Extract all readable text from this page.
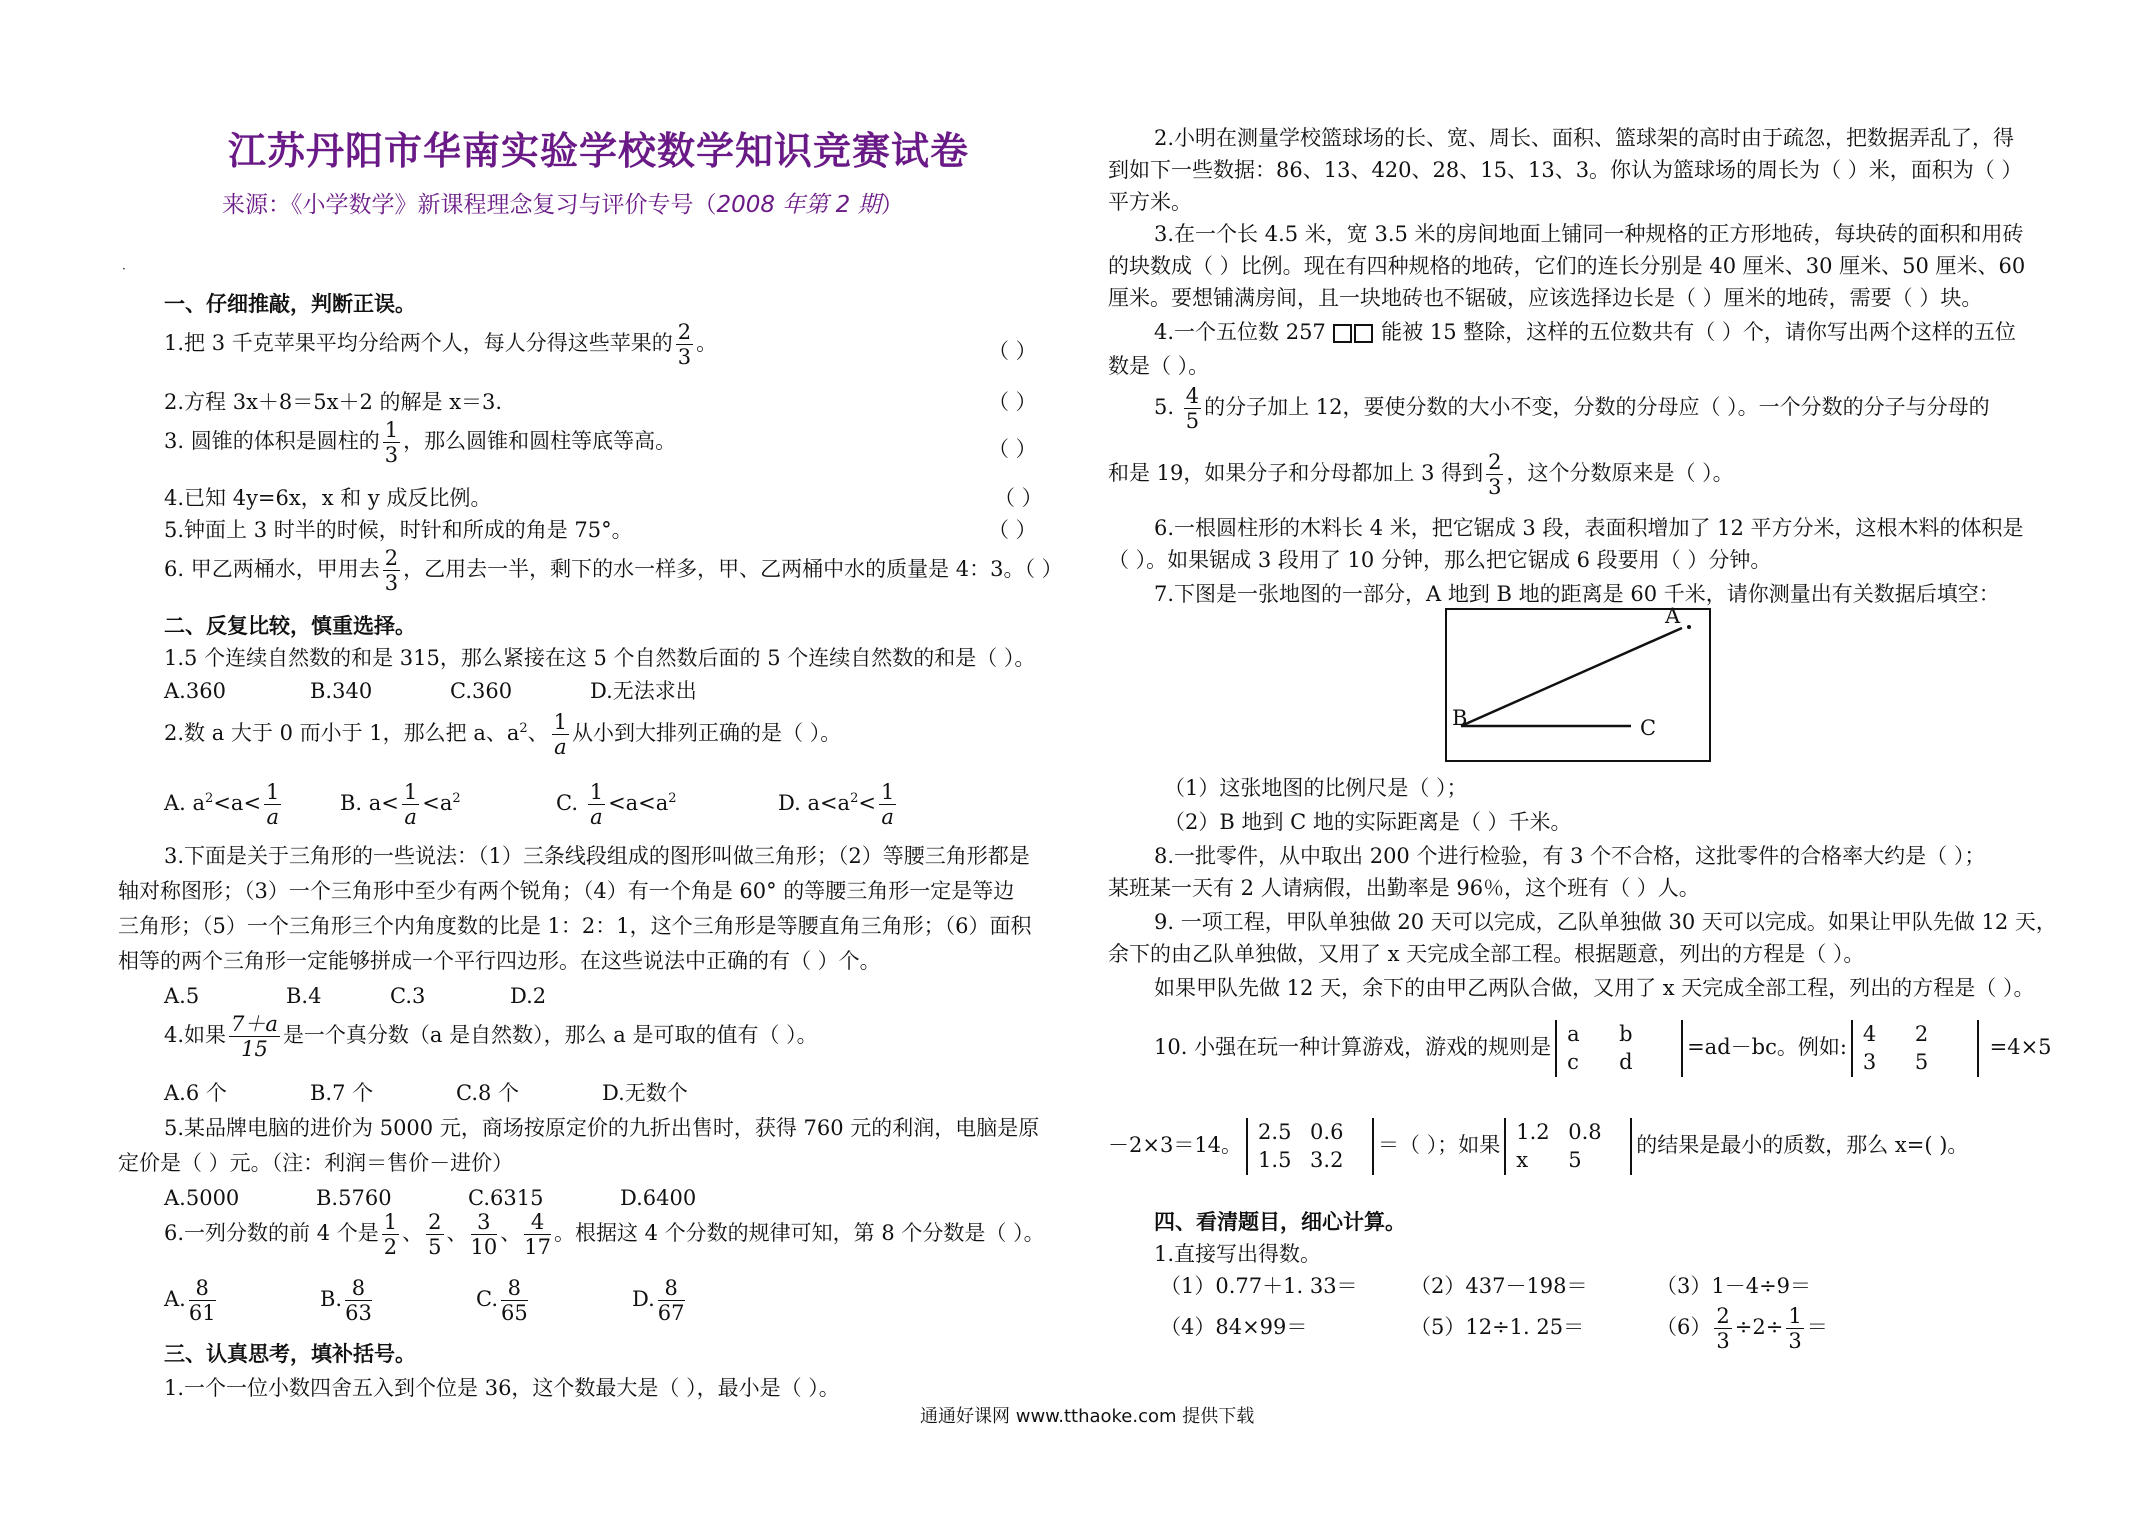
江苏丹阳市华南实验学校数学知识竞赛试卷
来源：《小学数学》新课程理念复习与评价专号（2008 年第 2 期）
·
一、仔细推敲，判断正误。
1.把 3 千克苹果平均分给两个人，每人分得这些苹果的 $\frac{2}{3}$ 。	（ ）
2.方程 3x＋8＝5x＋2 的解是 x＝3.	（ ）
3. 圆锥的体积是圆柱的 $\frac{1}{3}$ ，那么圆锥和圆柱等底等高。	（ ）
4.已知 4y=6x，x 和 y 成反比例。	（ ）
5.钟面上 3 时半的时候，时针和所成的角是 75°。	（ ）
6. 甲乙两桶水，甲用去 $\frac{2}{3}$ ，乙用去一半，剩下的水一样多，甲、乙两桶中水的质量是 4：3。（ ）
二、反复比较，慎重选择。
1.5 个连续自然数的和是 315，那么紧接在这 5 个自然数后面的 5 个连续自然数的和是（ ）。
A.360	B.340	C.360	D.无法求出
2.数 a 大于 0 而小于 1，那么把 a、$a^2$、 $\frac{1}{a}$ 从小到大排列正确的是（ ）。
A. $a^2<a< \frac{1}{a}$	B. $a< \frac{1}{a} <a^2$	C. $\frac{1}{a} <a<a^2$	D. $a<a^2< \frac{1}{a}$
3.下面是关于三角形的一些说法：（1）三条线段组成的图形叫做三角形；（2）等腰三角形都是
轴对称图形；（3）一个三角形中至少有两个锐角；（4）有一个角是 60° 的等腰三角形一定是等边
三角形；（5）一个三角形三个内角度数的比是 1：2：1，这个三角形是等腰直角三角形；（6）面积
相等的两个三角形一定能够拼成一个平行四边形。在这些说法中正确的有（ ）个。
A.5	B.4	C.3	D.2
4.如果 $\frac{7+a}{15}$ 是一个真分数（a 是自然数），那么 a 是可取的值有（ ）。
A.6 个	B.7 个	C.8 个	D.无数个
5.某品牌电脑的进价为 5000 元，商场按原定价的九折出售时，获得 760 元的利润，电脑是原
定价是（ ）元。（注：利润＝售价－进价）
A.5000	B.5760	C.6315	D.6400
6.一列分数的前 4 个是 $\frac{1}{2}$ 、 $\frac{2}{5}$ 、 $\frac{3}{10}$ 、 $\frac{4}{17}$ 。根据这 4 个分数的规律可知，第 8 个分数是（ ）。
A. $\frac{8}{61}$	B. $\frac{8}{63}$	C. $\frac{8}{65}$	D. $\frac{8}{67}$
三、认真思考，填补括号。
1.一个一位小数四舍五入到个位是 36，这个数最大是（ ），最小是（ ）。
2.小明在测量学校篮球场的长、宽、周长、面积、篮球架的高时由于疏忽，把数据弄乱了，得
到如下一些数据：86、13、420、28、15、13、3。你认为篮球场的周长为（ ）米，面积为（ ）
平方米。
3.在一个长 4.5 米，宽 3.5 米的房间地面上铺同一种规格的正方形地砖，每块砖的面积和用砖
的块数成（ ）比例。现在有四种规格的地砖，它们的连长分别是 40 厘米、30 厘米、50 厘米、60
厘米。要想铺满房间，且一块地砖也不锯破，应该选择边长是（ ）厘米的地砖，需要（ ）块。
4.一个五位数 257	能被 15 整除，这样的五位数共有（ ）个，请你写出两个这样的五位
数是（ ）。
5. $\frac{4}{5}$ 的分子加上 12，要使分数的大小不变，分数的分母应（ ）。一个分数的分子与分母的
和是 19，如果分子和分母都加上 3 得到 $\frac{2}{3}$ ，这个分数原来是（ ）。
6.一根圆柱形的木料长 4 米，把它锯成 3 段，表面积增加了 12 平方分米，这根木料的体积是
（ ）。如果锯成 3 段用了 10 分钟，那么把它锯成 6 段要用（ ）分钟。
7.下图是一张地图的一部分，A 地到 B 地的距离是 60 千米，请你测量出有关数据后填空：
（1）这张地图的比例尺是（ ）；
（2）B 地到 C 地的实际距离是（ ）千米。
8.一批零件，从中取出 200 个进行检验，有 3 个不合格，这批零件的合格率大约是（ ）；
某班某一天有 2 人请病假，出勤率是 96％，这个班有（ ）人。
9. 一项工程，甲队单独做 20 天可以完成，乙队单独做 30 天可以完成。如果让甲队先做 12 天，
余下的由乙队单独做，又用了 x 天完成全部工程。根据题意，列出的方程是（ ）。
如果甲队先做 12 天，余下的由甲乙两队合做，又用了 x 天完成全部工程，列出的方程是（ ）。
10. 小强在玩一种计算游戏，游戏的规则是a b
c d=ad－bc。例如:4 2
3 5 =4×5
－2×3＝14。2.5 0.6
1.5 3.2＝（ ）；如果1.2 0.8
x 5的结果是最小的质数，那么 x=( )。
四、看清题目，细心计算。
1.直接写出得数。
（1）0.77＋1. 33＝ （2）437－198＝	（3）1－4÷9＝
（4）84×99＝	（5）12÷1. 25＝	$(6) \frac{2}{3} \div 2\div \frac{1}{3}$ ＝
A
B	C
通通好课网 www.tthaoke.com 提供下载
